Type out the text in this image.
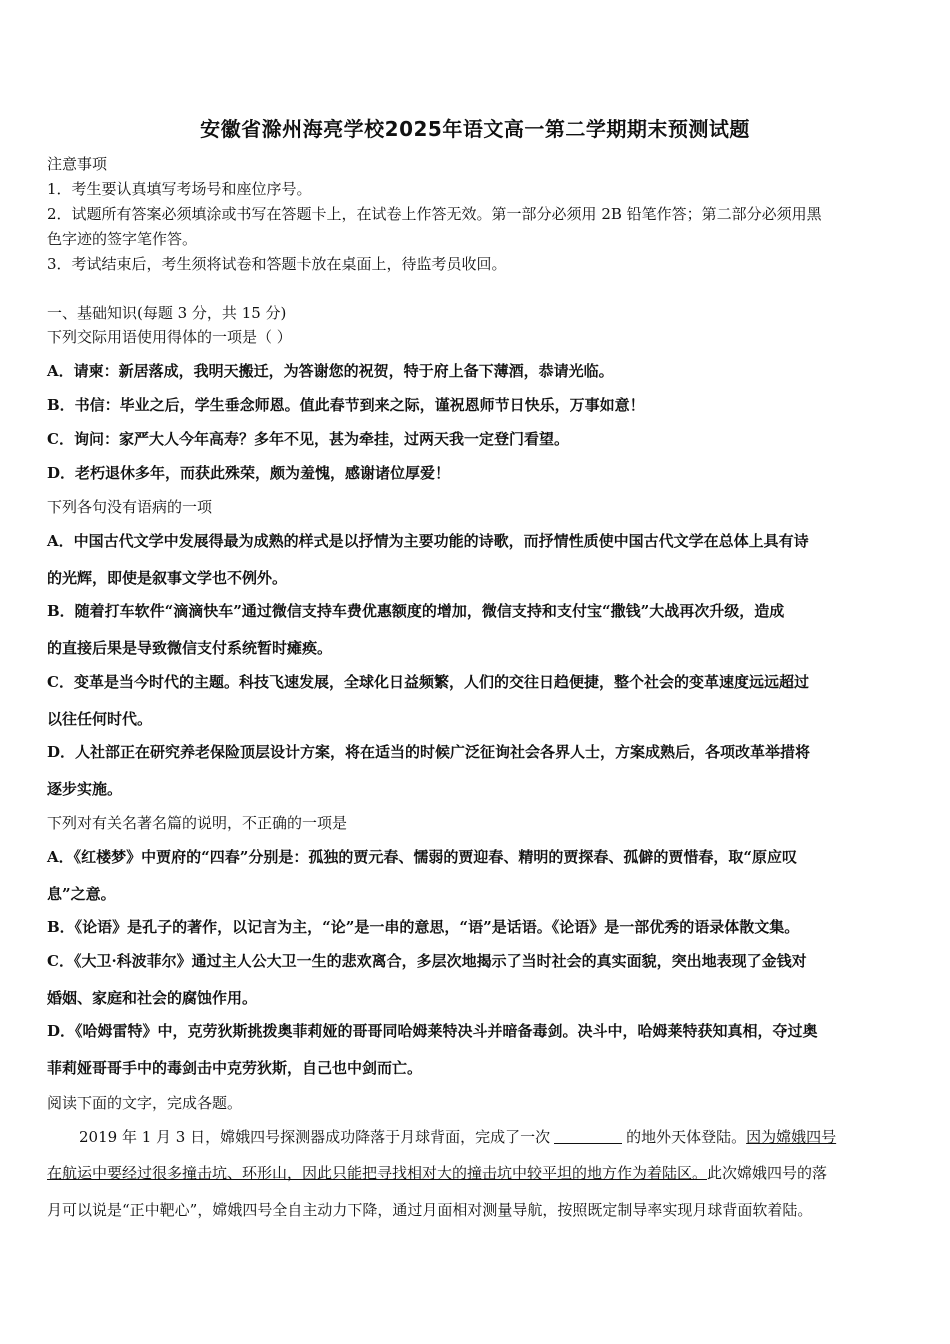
安徽省滁州海亮学校2025年语文高一第二学期期末预测试题
注意事项
1．考生要认真填写考场号和座位序号。
2．试题所有答案必须填涂或书写在答题卡上，在试卷上作答无效。第一部分必须用 2B 铅笔作答；第二部分必须用黑
色字迹的签字笔作答。
3．考试结束后，考生须将试卷和答题卡放在桌面上，待监考员收回。
一、基础知识(每题 3 分，共 15 分)
下列交际用语使用得体的一项是（ ）
A．请柬：新居落成，我明天搬迁，为答谢您的祝贺，特于府上备下薄酒，恭请光临。
B．书信：毕业之后，学生垂念师恩。值此春节到来之际，谨祝恩师节日快乐，万事如意！
C．询问：家严大人今年高寿？多年不见，甚为牵挂，过两天我一定登门看望。
D．老朽退休多年，而获此殊荣，颇为羞愧，感谢诸位厚爱！
下列各句没有语病的一项
A．中国古代文学中发展得最为成熟的样式是以抒情为主要功能的诗歌，而抒情性质使中国古代文学在总体上具有诗
的光辉，即使是叙事文学也不例外。
B．随着打车软件“滴滴快车”通过微信支持车费优惠额度的增加，微信支持和支付宝“撒钱”大战再次升级，造成
的直接后果是导致微信支付系统暂时瘫痪。
C．变革是当今时代的主题。科技飞速发展，全球化日益频繁，人们的交往日趋便捷，整个社会的变革速度远远超过
以往任何时代。
D．人社部正在研究养老保险顶层设计方案，将在适当的时候广泛征询社会各界人士，方案成熟后，各项改革举措将
逐步实施。
下列对有关名著名篇的说明，不正确的一项是
A．《红楼梦》中贾府的“四春”分别是：孤独的贾元春、懦弱的贾迎春、精明的贾探春、孤僻的贾惜春，取“原应叹
息”之意。
B．《论语》是孔子的著作，以记言为主，“论”是一串的意思，“语”是话语。《论语》是一部优秀的语录体散文集。
C．《大卫·科波菲尔》通过主人公大卫一生的悲欢离合，多层次地揭示了当时社会的真实面貌，突出地表现了金钱对
婚姻、家庭和社会的腐蚀作用。
D．《哈姆雷特》中，克劳狄斯挑拨奥菲莉娅的哥哥同哈姆莱特决斗并暗备毒剑。决斗中，哈姆莱特获知真相，夺过奥
菲莉娅哥哥手中的毒剑击中克劳狄斯，自己也中剑而亡。
阅读下面的文字，完成各题。
2019 年 1 月 3 日，嫦娥四号探测器成功降落于月球背面，完成了一次	的地外天体登陆。因为嫦娥四号
在航运中要经过很多撞击坑、环形山，因此只能把寻找相对大的撞击坑中较平坦的地方作为着陆区。此次嫦娥四号的落
月可以说是“正中靶心”，嫦娥四号全自主动力下降，通过月面相对测量导航，按照既定制导率实现月球背面软着陆。
